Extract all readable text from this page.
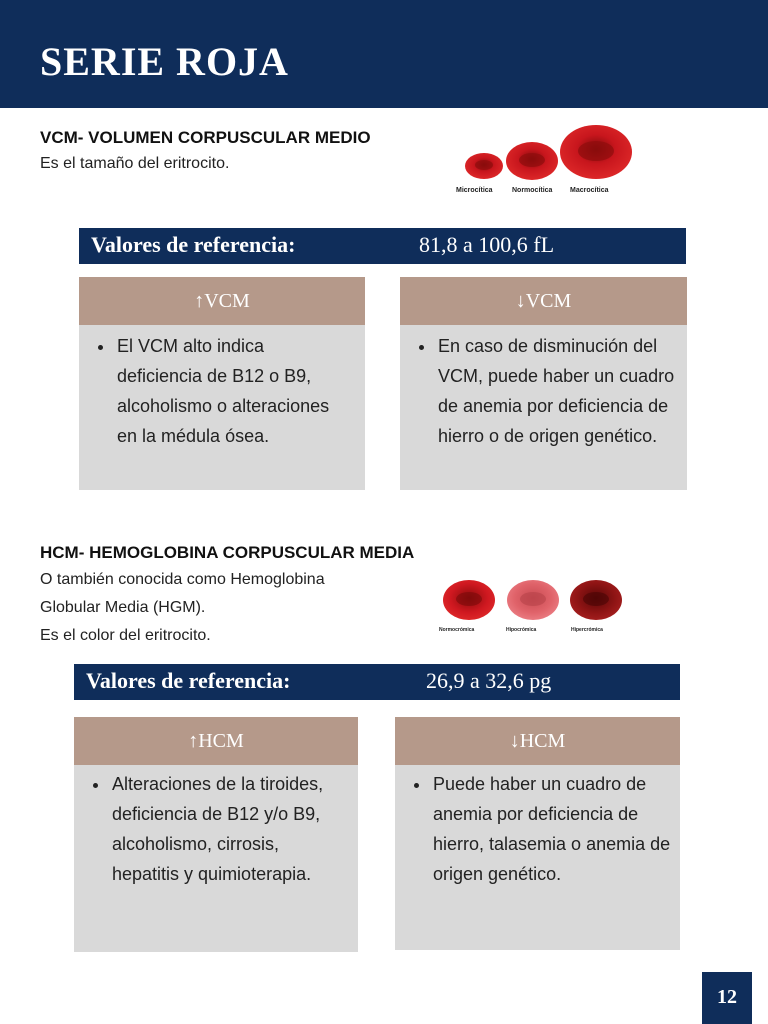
SERIE ROJA
VCM- VOLUMEN CORPUSCULAR MEDIO
Es el tamaño del eritrocito.
Microcítica	Normocítica	Macrocítica
Valores de referencia:	81,8 a 100,6 fL
↑VCM
• El VCM alto indica deficiencia de B12 o B9, alcoholismo o alteraciones en la médula ósea.
↓VCM
• En caso de disminución del VCM, puede haber un cuadro de anemia por deficiencia de hierro o de origen genético.
HCM- HEMOGLOBINA CORPUSCULAR MEDIA
O también conocida como Hemoglobina
Globular Media (HGM).
Es el color del eritrocito.	Normocrómica	Hipocrómica	Hipercrómica
Valores de referencia:	26,9 a 32,6 pg
↑HCM
• Alteraciones de la tiroides, deficiencia de B12 y/o B9, alcoholismo, cirrosis, hepatitis y quimioterapia.
↓HCM
• Puede haber un cuadro de anemia por deficiencia de hierro, talasemia o anemia de origen genético.
12
